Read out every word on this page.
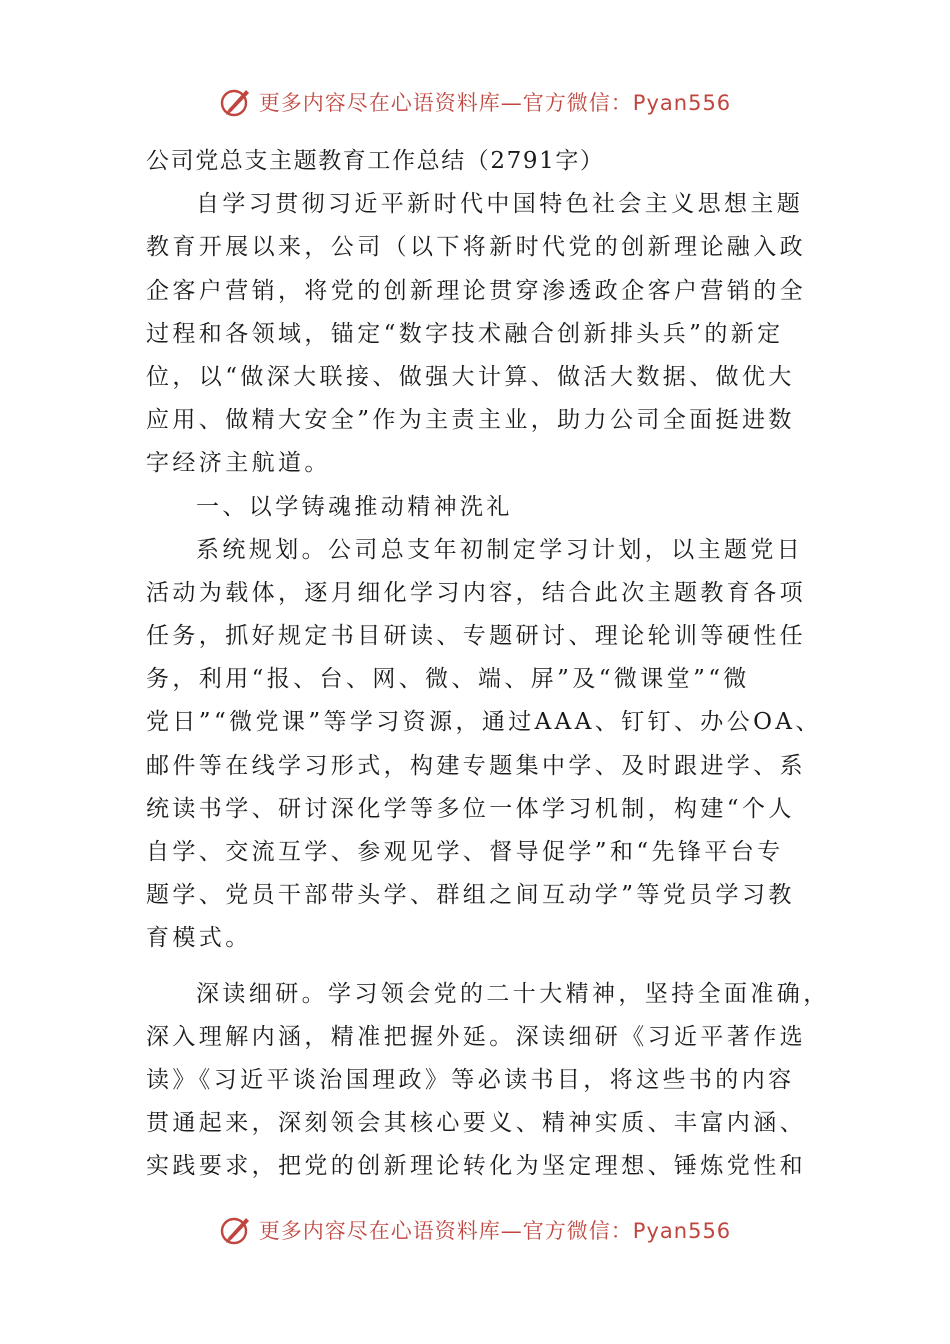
更多内容尽在心语资料库—官方微信：Pyan556
公司党总支主题教育工作总结（2791字）
自学习贯彻习近平新时代中国特色社会主义思想主题
教育开展以来，公司（以下将新时代党的创新理论融入政
企客户营销，将党的创新理论贯穿渗透政企客户营销的全
过程和各领域，锚定“数字技术融合创新排头兵”的新定
位，以“做深大联接、做强大计算、做活大数据、做优大
应用、做精大安全”作为主责主业，助力公司全面挺进数
字经济主航道。
一、以学铸魂推动精神洗礼
系统规划。公司总支年初制定学习计划，以主题党日
活动为载体，逐月细化学习内容，结合此次主题教育各项
任务，抓好规定书目研读、专题研讨、理论轮训等硬性任
务，利用“报、台、网、微、端、屏”及“微课堂”“微
党日”“微党课”等学习资源，通过AAA、钉钉、办公OA、
邮件等在线学习形式，构建专题集中学、及时跟进学、系
统读书学、研讨深化学等多位一体学习机制，构建“个人
自学、交流互学、参观见学、督导促学”和“先锋平台专
题学、党员干部带头学、群组之间互动学”等党员学习教
育模式。
深读细研。学习领会党的二十大精神，坚持全面准确，
深入理解内涵，精准把握外延。深读细研《习近平著作选
读》《习近平谈治国理政》等必读书目，将这些书的内容
贯通起来，深刻领会其核心要义、精神实质、丰富内涵、
实践要求，把党的创新理论转化为坚定理想、锤炼党性和
更多内容尽在心语资料库—官方微信：Pyan556
